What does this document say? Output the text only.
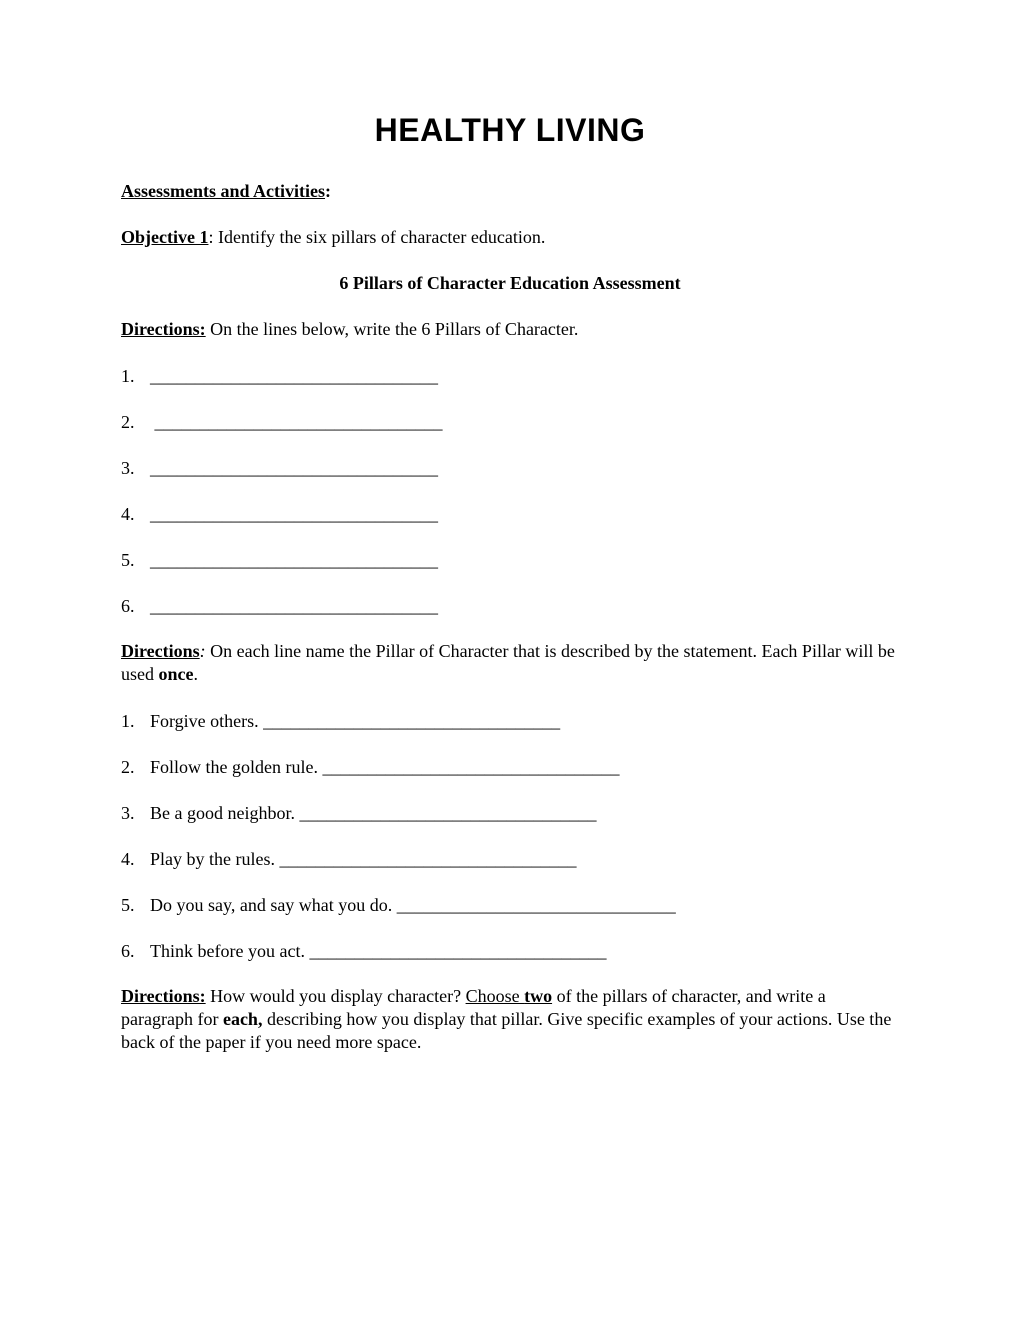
HEALTHY LIVING
Assessments and Activities:
Objective 1: Identify the six pillars of character education.
6 Pillars of Character Education Assessment
Directions: On the lines below, write the 6 Pillars of Character.
1. ________________________________
2. ________________________________
3. ________________________________
4. ________________________________
5. ________________________________
6. ________________________________
Directions: On each line name the Pillar of Character that is described by the statement. Each Pillar will be used once.
1. Forgive others. _________________________________
2. Follow the golden rule. _________________________________
3. Be a good neighbor. _________________________________
4. Play by the rules. _________________________________
5. Do you say, and say what you do. _______________________________
6. Think before you act. _________________________________
Directions: How would you display character? Choose two of the pillars of character, and write a paragraph for each, describing how you display that pillar. Give specific examples of your actions. Use the back of the paper if you need more space.
